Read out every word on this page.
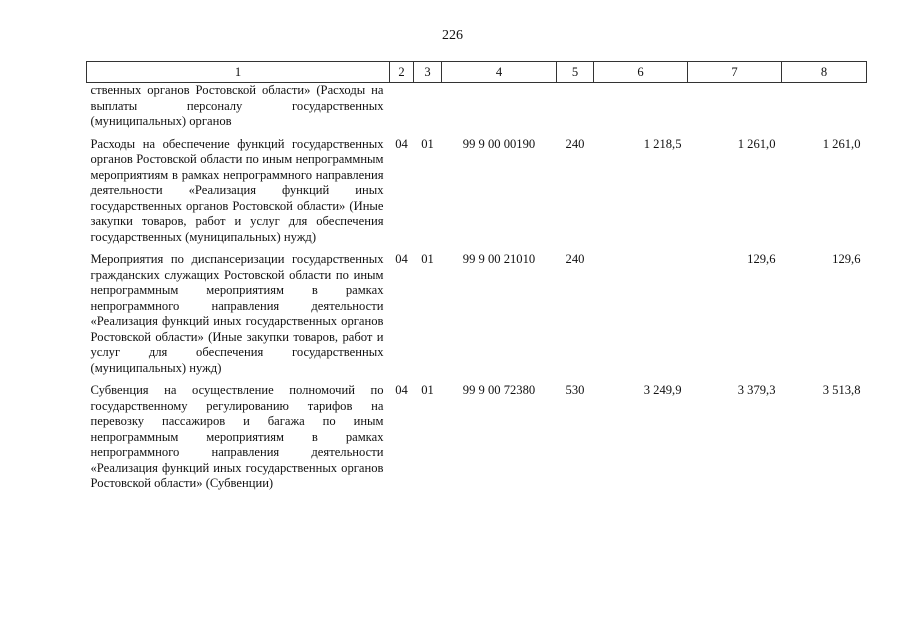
226
1	2	3	4	5	6	7	8
ственных органов Ростовской области» (Расходы на выплаты персоналу государственных (муниципальных) органов							
Расходы на обеспечение функций государственных органов Ростовской области по иным непрограммным мероприятиям в рамках непрограммного направления деятельности «Реализация функций иных государственных органов Ростовской области» (Иные закупки товаров, работ и услуг для обеспечения государственных (муниципальных) нужд)	04	01	99 9 00 00190	240	1 218,5	1 261,0	1 261,0
Мероприятия по диспансеризации государственных гражданских служащих Ростовской области по иным непрограммным мероприятиям в рамках непрограммного направления деятельности «Реализация функций иных государственных органов Ростовской области» (Иные закупки товаров, работ и услуг для обеспечения государственных (муниципальных) нужд)	04	01	99 9 00 21010	240		129,6	129,6
Субвенция на осуществление полномочий по государственному регулированию тарифов на перевозку пассажиров и багажа по иным непрограммным мероприятиям в рамках непрограммного направления деятельности «Реализация функций иных государственных органов Ростовской области» (Субвенции)	04	01	99 9 00 72380	530	3 249,9	3 379,3	3 513,8
